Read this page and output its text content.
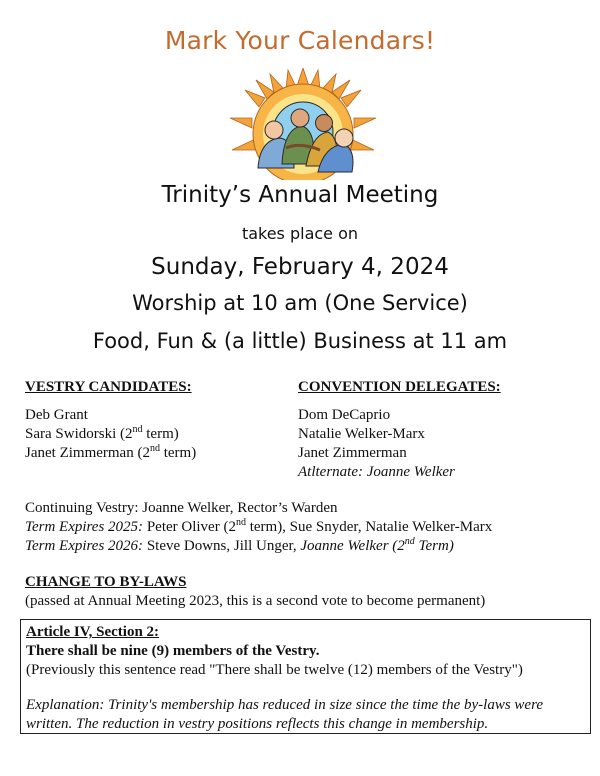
Mark Your Calendars!
Trinity’s Annual Meeting
takes place on
Sunday, February 4, 2024
Worship at 10 am (One Service)
Food, Fun & (a little) Business at 11 am
VESTRY CANDIDATES:
Deb Grant
Sara Swidorski (2nd term)
Janet Zimmerman (2nd term)
CONVENTION DELEGATES:
Dom DeCaprio
Natalie Welker-Marx
Janet Zimmerman
Atlternate: Joanne Welker
Continuing Vestry: Joanne Welker, Rector’s Warden
Term Expires 2025: Peter Oliver (2nd term), Sue Snyder, Natalie Welker-Marx
Term Expires 2026: Steve Downs, Jill Unger, Joanne Welker (2nd Term)
CHANGE TO BY-LAWS
(passed at Annual Meeting 2023, this is a second vote to become permanent)
Article IV, Section 2:
There shall be nine (9) members of the Vestry.
(Previously this sentence read "There shall be twelve (12) members of the Vestry")
Explanation: Trinity's membership has reduced in size since the time the by-laws were written. The reduction in vestry positions reflects this change in membership.
